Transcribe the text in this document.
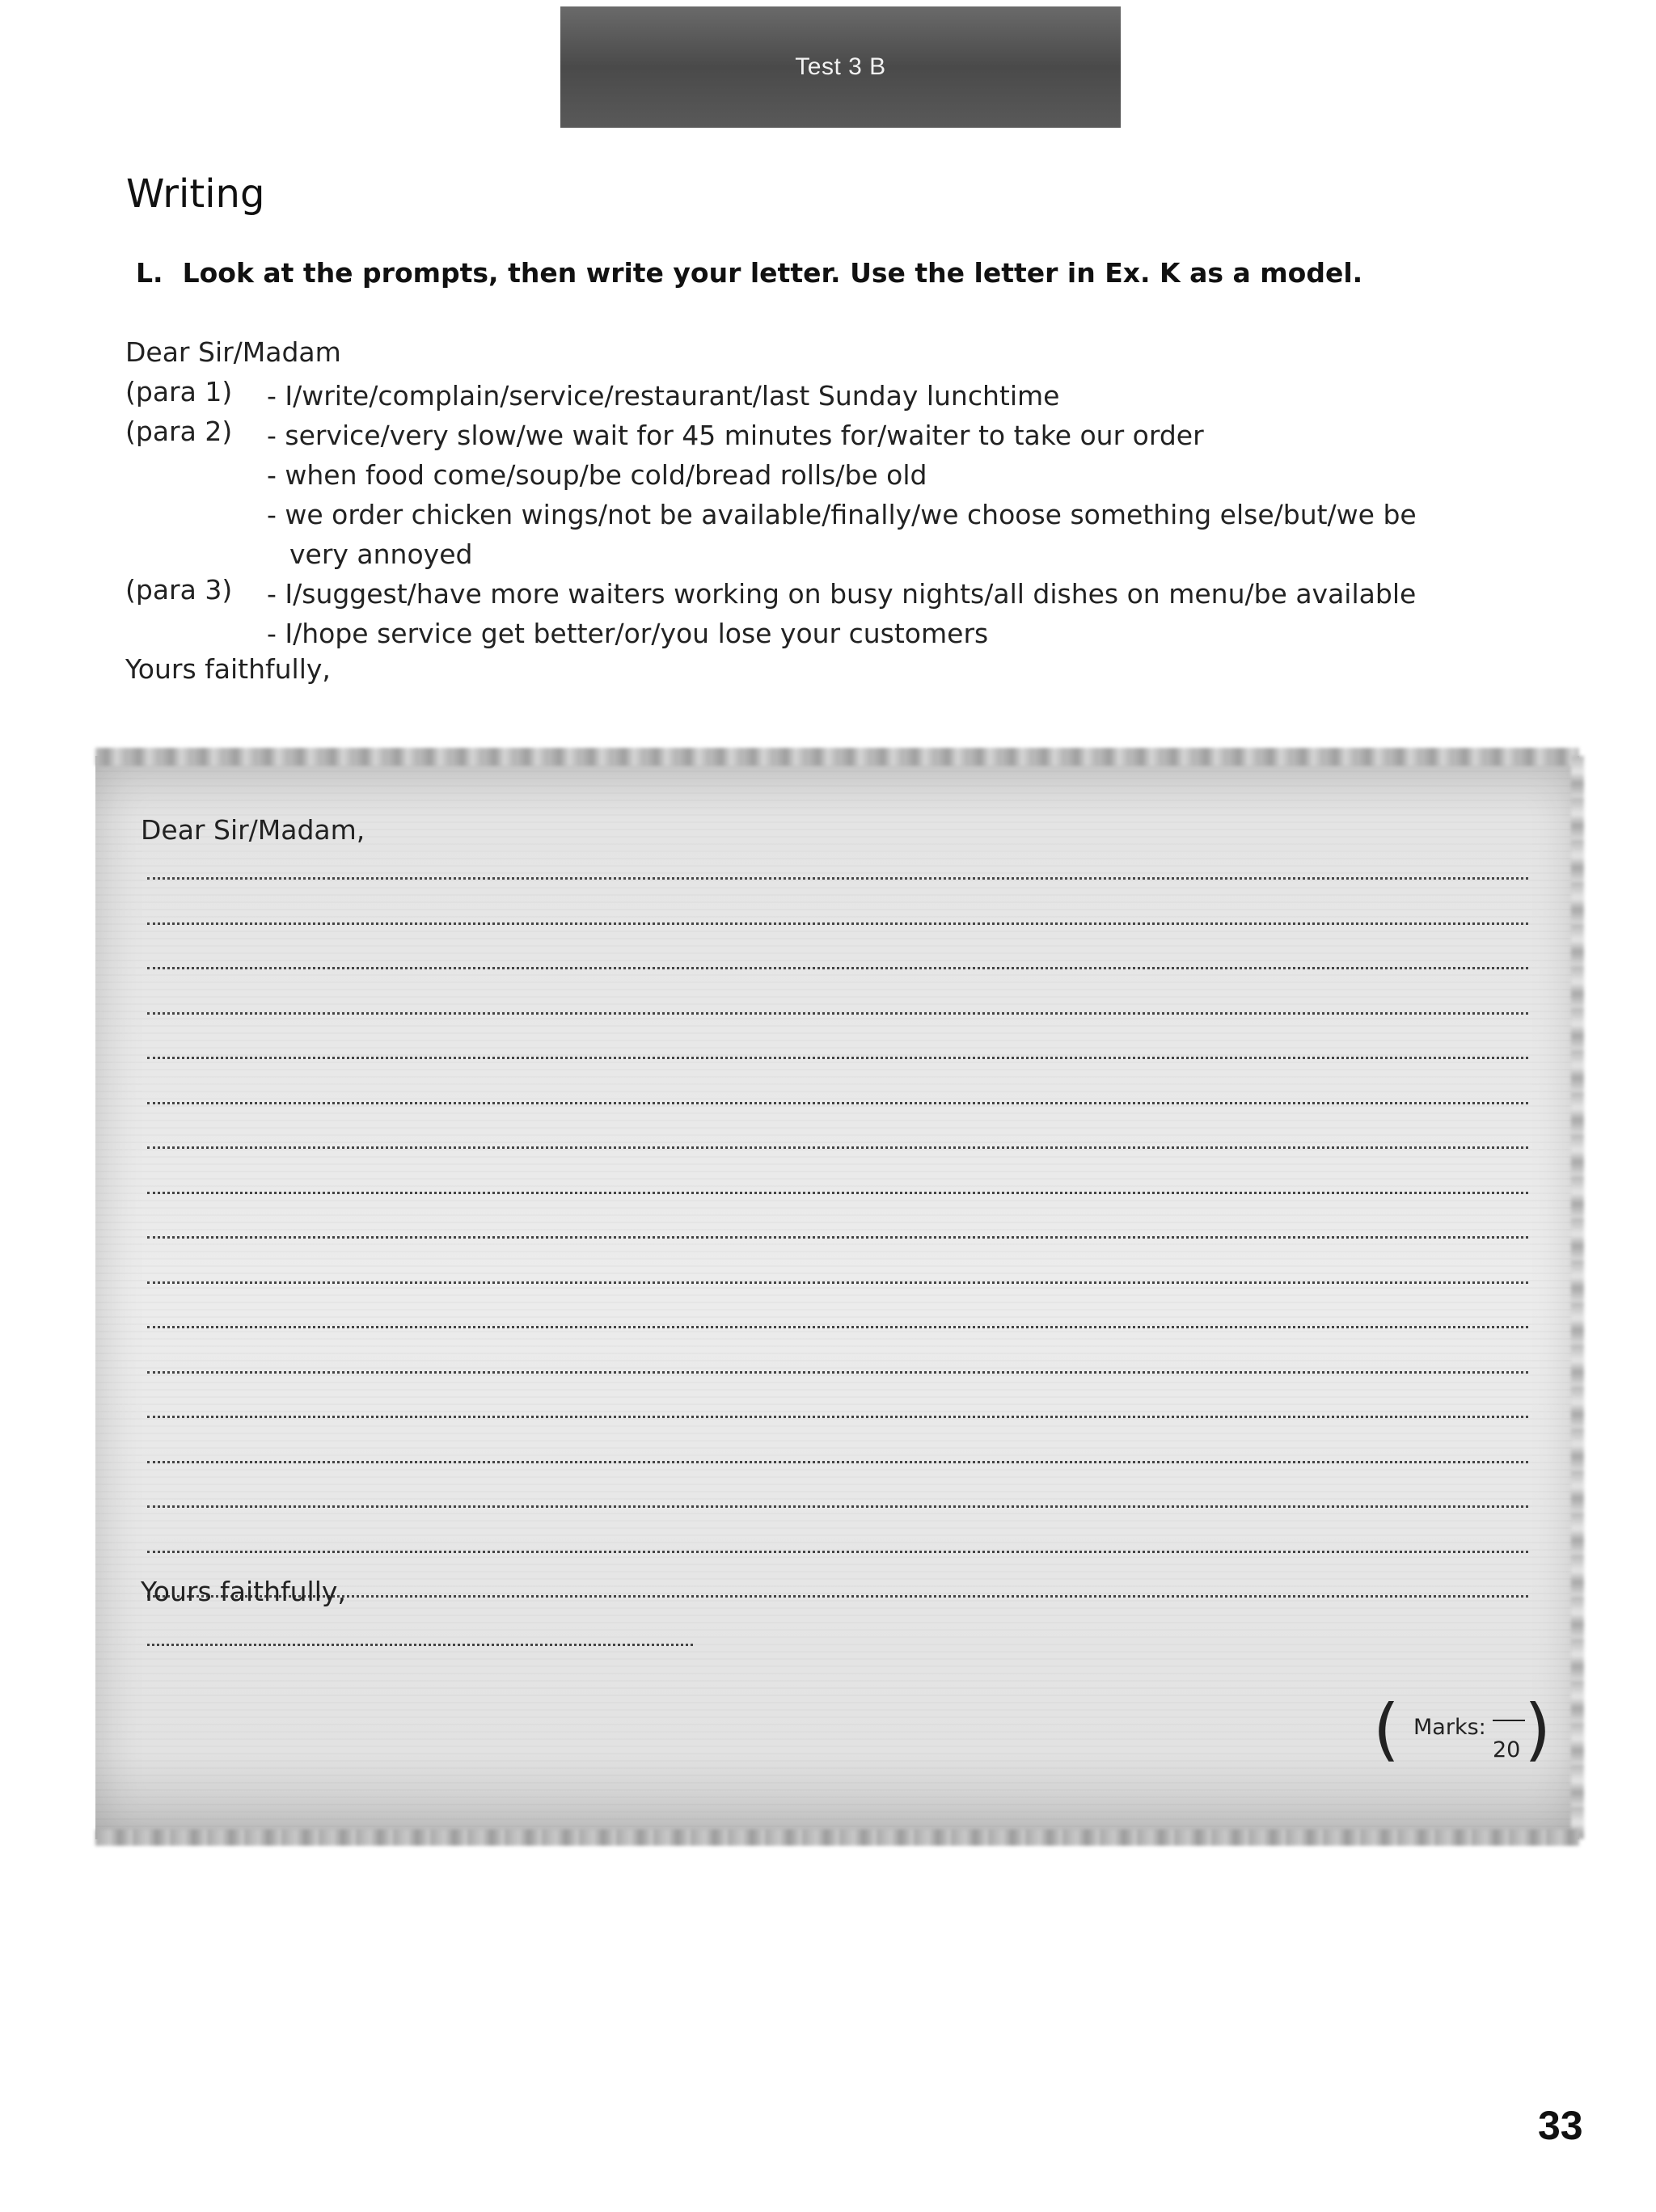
Test 3 B
Writing

L. Look at the prompts, then write your letter. Use the letter in Ex. K as a model.

Dear Sir/Madam
(para 1) - I/write/complain/service/restaurant/last Sunday lunchtime
(para 2) - service/very slow/we wait for 45 minutes for/waiter to take our order
- when food come/soup/be cold/bread rolls/be old
- we order chicken wings/not be available/finally/we choose something else/but/we be
very annoyed
(para 3) - I/suggest/have more waiters working on busy nights/all dishes on menu/be available
- I/hope service get better/or/you lose your customers
Yours faithfully,
Dear Sir/Madam,
Yours faithfully,
( Marks:
20 )
33
